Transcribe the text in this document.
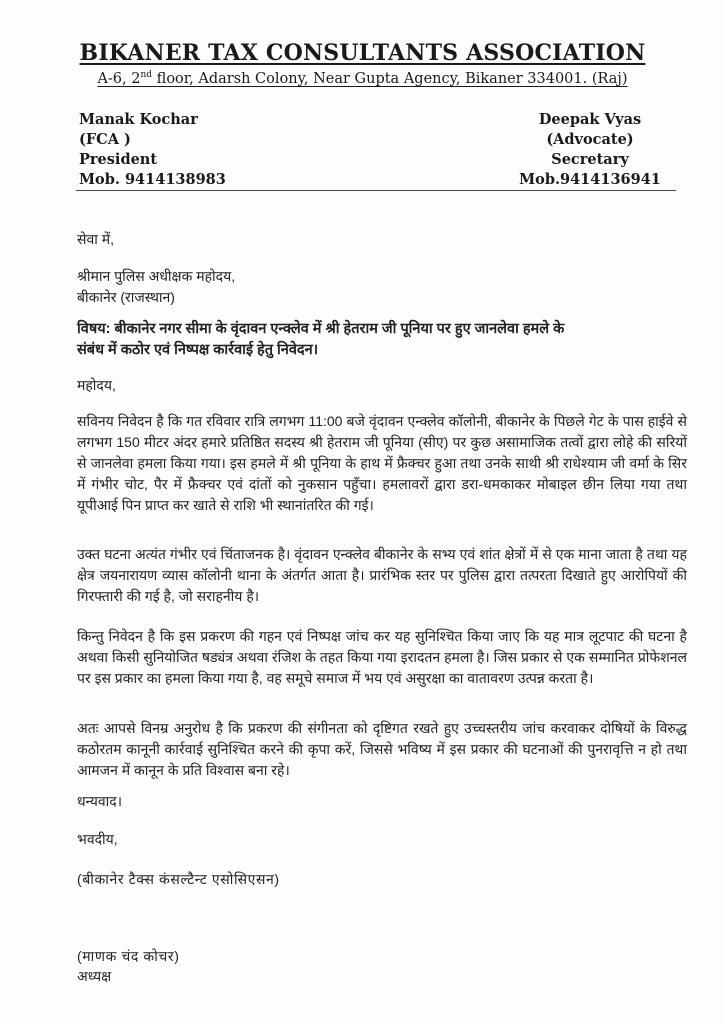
BIKANER TAX CONSULTANTS ASSOCIATION
A-6, 2nd floor, Adarsh Colony, Near Gupta Agency, Bikaner 334001. (Raj)
Manak Kochar
(FCA )
President
Mob. 9414138983
Deepak Vyas
(Advocate)
Secretary
Mob.9414136941
सेवा में,
श्रीमान पुलिस अधीक्षक महोदय,
बीकानेर (राजस्थान)
विषय: बीकानेर नगर सीमा के वृंदावन एन्क्लेव में श्री हेतराम जी पूनिया पर हुए जानलेवा हमले के
संबंध में कठोर एवं निष्पक्ष कार्रवाई हेतु निवेदन।
महोदय,
सविनय निवेदन है कि गत रविवार रात्रि लगभग 11:00 बजे वृंदावन एन्क्लेव कॉलोनी, बीकानेर के पिछले गेट के पास हाईवे से लगभग 150 मीटर अंदर हमारे प्रतिष्ठित सदस्य श्री हेतराम जी पूनिया (सीए) पर कुछ असामाजिक तत्वों द्वारा लोहे की सरियों से जानलेवा हमला किया गया। इस हमले में श्री पूनिया के हाथ में फ्रैक्चर हुआ तथा उनके साथी श्री राधेश्याम जी वर्मा के सिर में गंभीर चोट, पैर में फ्रैक्चर एवं दांतों को नुकसान पहुँचा। हमलावरों द्वारा डरा-धमकाकर मोबाइल छीन लिया गया तथा यूपीआई पिन प्राप्त कर खाते से राशि भी स्थानांतरित की गई।
उक्त घटना अत्यंत गंभीर एवं चिंताजनक है। वृंदावन एन्क्लेव बीकानेर के सभ्य एवं शांत क्षेत्रों में से एक माना जाता है तथा यह क्षेत्र जयनारायण व्यास कॉलोनी थाना के अंतर्गत आता है। प्रारंभिक स्तर पर पुलिस द्वारा तत्परता दिखाते हुए आरोपियों की गिरफ्तारी की गई है, जो सराहनीय है।
किन्तु निवेदन है कि इस प्रकरण की गहन एवं निष्पक्ष जांच कर यह सुनिश्चित किया जाए कि यह मात्र लूटपाट की घटना है अथवा किसी सुनियोजित षड्यंत्र अथवा रंजिश के तहत किया गया इरादतन हमला है। जिस प्रकार से एक सम्मानित प्रोफेशनल पर इस प्रकार का हमला किया गया है, वह समूचे समाज में भय एवं असुरक्षा का वातावरण उत्पन्न करता है।
अतः आपसे विनम्र अनुरोध है कि प्रकरण की संगीनता को दृष्टिगत रखते हुए उच्चस्तरीय जांच करवाकर दोषियों के विरुद्ध कठोरतम कानूनी कार्रवाई सुनिश्चित करने की कृपा करें, जिससे भविष्य में इस प्रकार की घटनाओं की पुनरावृत्ति न हो तथा आमजन में कानून के प्रति विश्वास बना रहे।
धन्यवाद।
भवदीय,
(बीकानेर टैक्स कंसल्टैन्ट एसोसिएसन)
(माणक चंद कोचर)
अध्यक्ष
